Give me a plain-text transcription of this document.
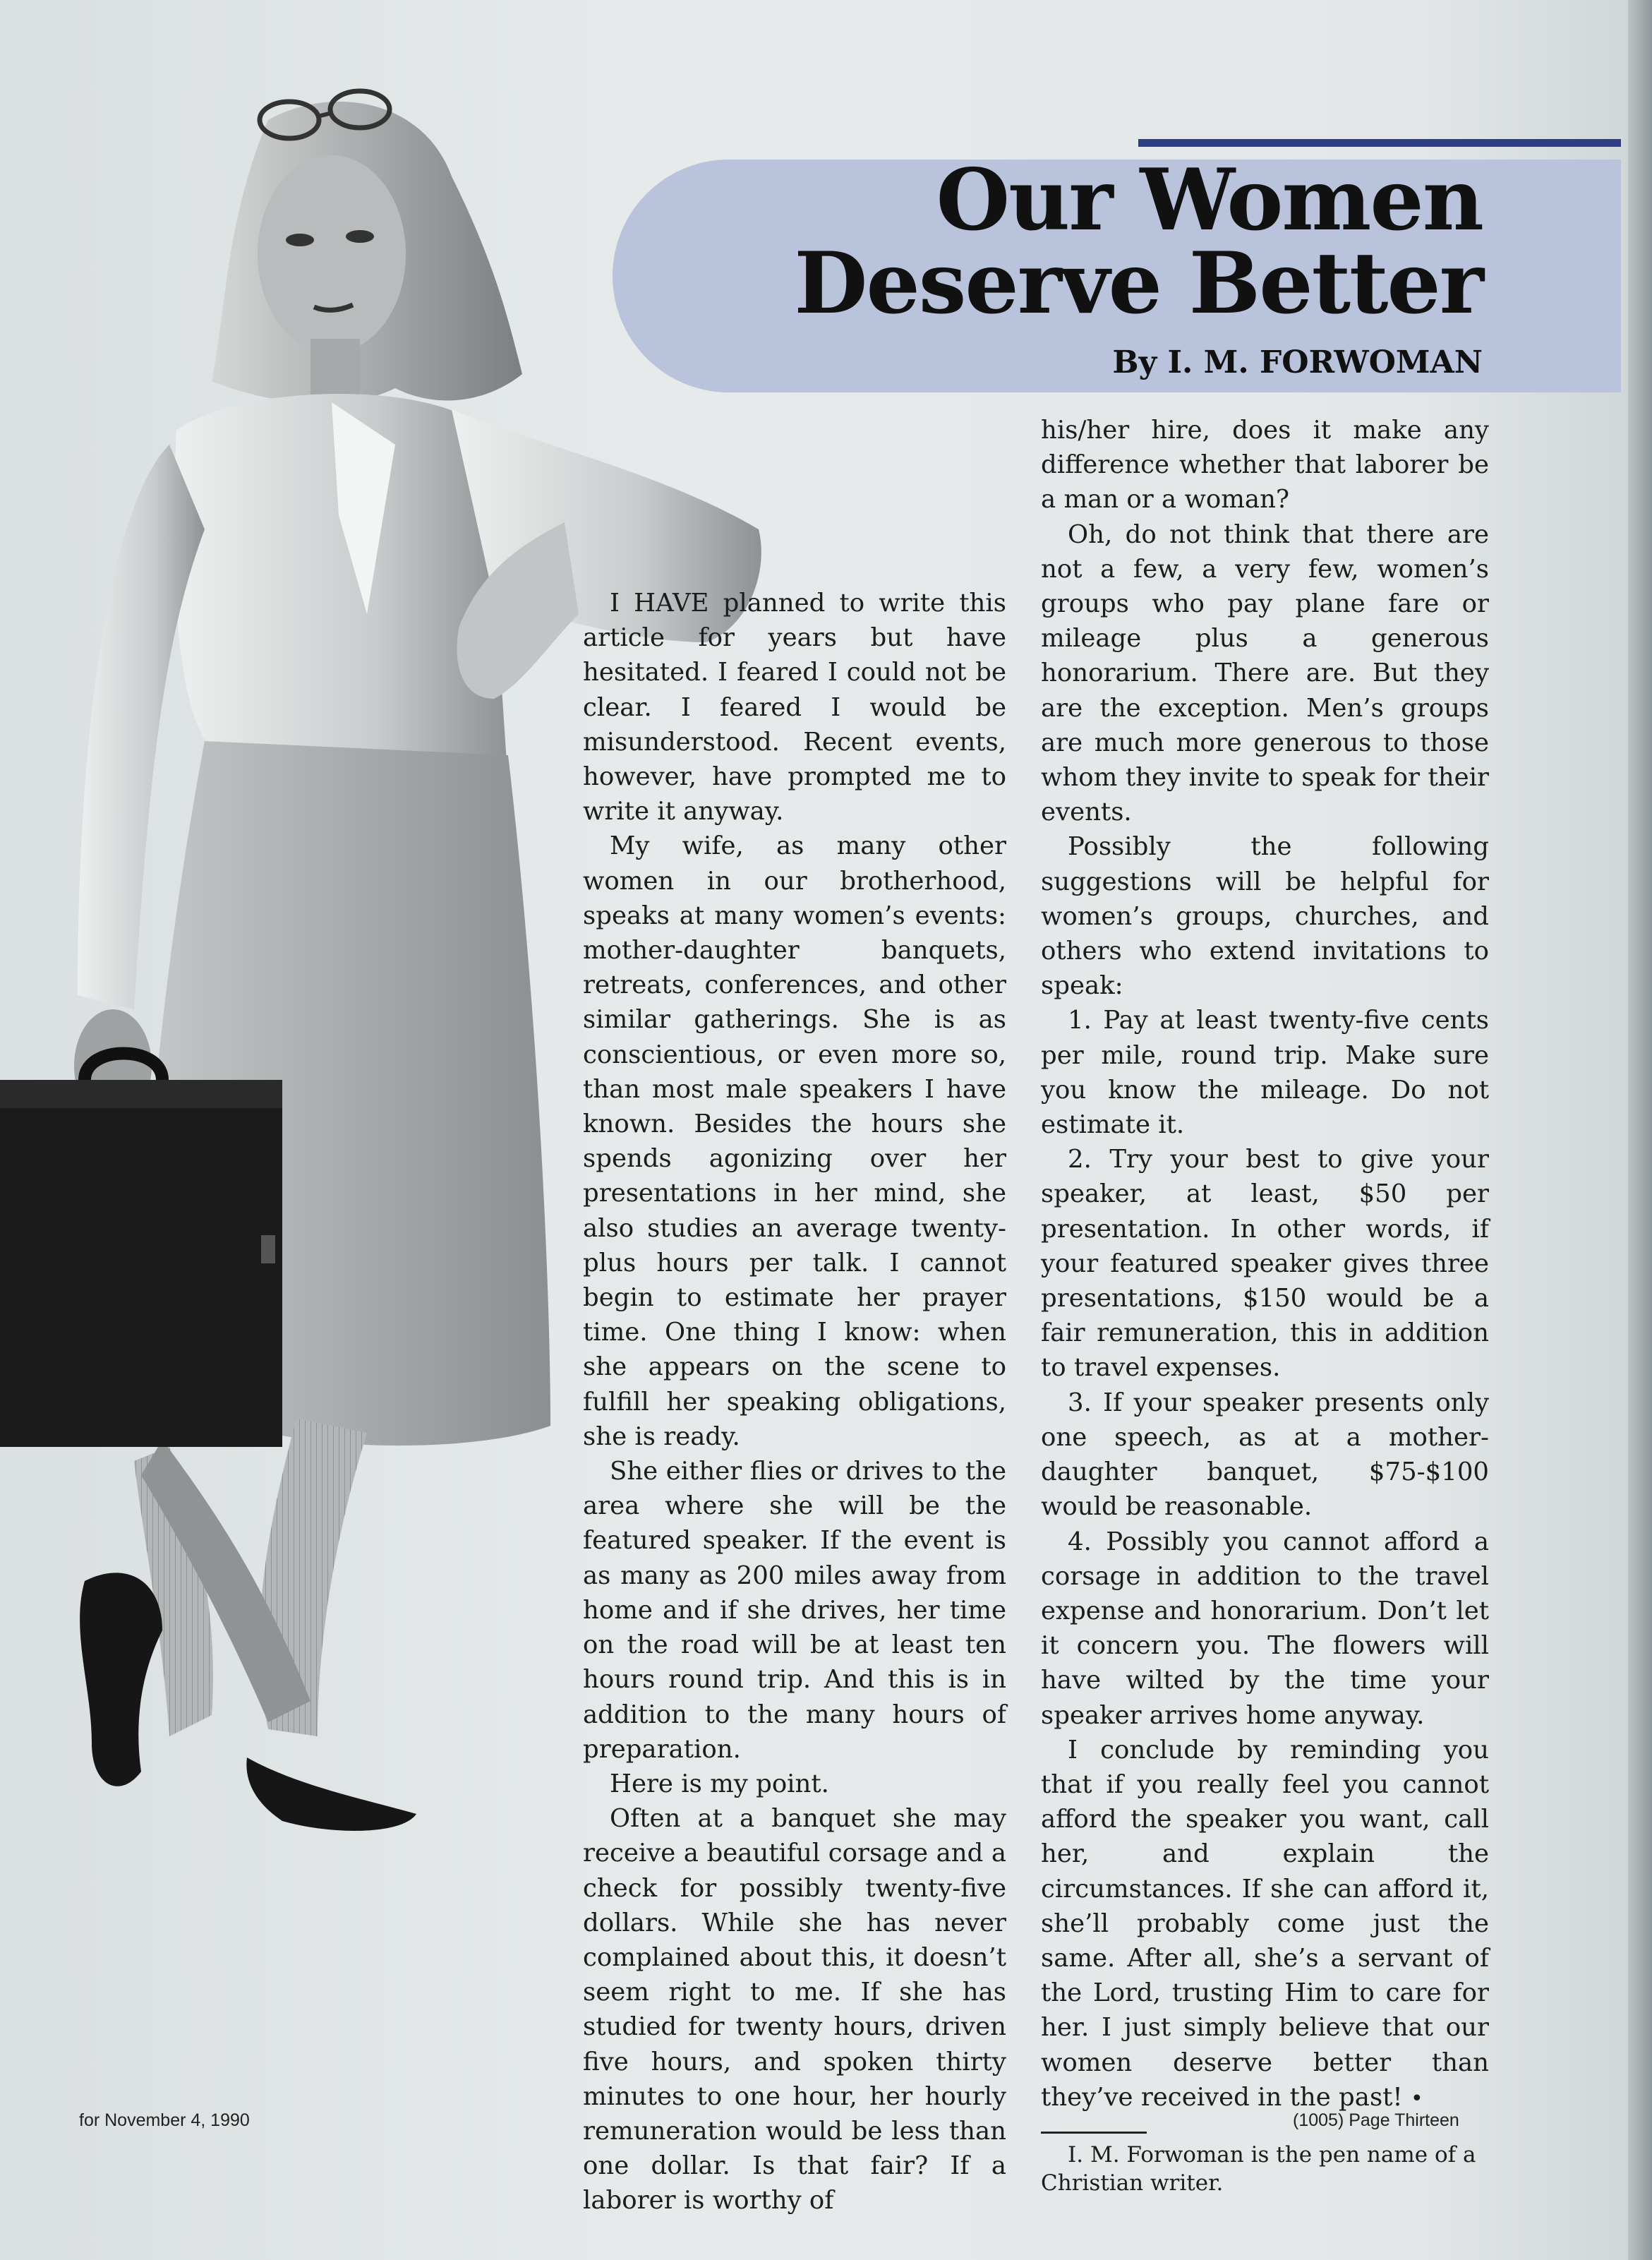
Our Women
Deserve Better
By I. M. FORWOMAN

I HAVE planned to write this article for years but have hesitated. I feared I could not be clear. I feared I would be misunderstood. Recent events, however, have prompted me to write it anyway.

My wife, as many other women in our brotherhood, speaks at many women’s events: mother-daughter banquets, retreats, conferences, and other similar gatherings. She is as conscientious, or even more so, than most male speakers I have known. Besides the hours she spends agonizing over her presentations in her mind, she also studies an average twenty-plus hours per talk. I cannot begin to estimate her prayer time. One thing I know: when she appears on the scene to fulfill her speaking obligations, she is ready.

She either flies or drives to the area where she will be the featured speaker. If the event is as many as 200 miles away from home and if she drives, her time on the road will be at least ten hours round trip. And this is in addition to the many hours of preparation.

Here is my point.

Often at a banquet she may receive a beautiful corsage and a check for possibly twenty-five dollars. While she has never complained about this, it doesn’t seem right to me. If she has studied for twenty hours, driven five hours, and spoken thirty minutes to one hour, her hourly remuneration would be less than one dollar. Is that fair? If a laborer is worthy of

his/her hire, does it make any difference whether that laborer be a man or a woman?

Oh, do not think that there are not a few, a very few, women’s groups who pay plane fare or mileage plus a generous honorarium. There are. But they are the exception. Men’s groups are much more generous to those whom they invite to speak for their events.

Possibly the following suggestions will be helpful for women’s groups, churches, and others who extend invitations to speak:

1. Pay at least twenty-five cents per mile, round trip. Make sure you know the mileage. Do not estimate it.

2. Try your best to give your speaker, at least, $50 per presentation. In other words, if your featured speaker gives three presentations, $150 would be a fair remuneration, this in addition to travel expenses.

3. If your speaker presents only one speech, as at a mother-daughter banquet, $75-$100 would be reasonable.

4. Possibly you cannot afford a corsage in addition to the travel expense and honorarium. Don’t let it concern you. The flowers will have wilted by the time your speaker arrives home anyway.

I conclude by reminding you that if you really feel you cannot afford the speaker you want, call her, and explain the circumstances. If she can afford it, she’ll probably come just the same. After all, she’s a servant of the Lord, trusting Him to care for her. I just simply believe that our women deserve better than they’ve received in the past! •

I. M. Forwoman is the pen name of a Christian writer.

for November 4, 1990	(1005) Page Thirteen
